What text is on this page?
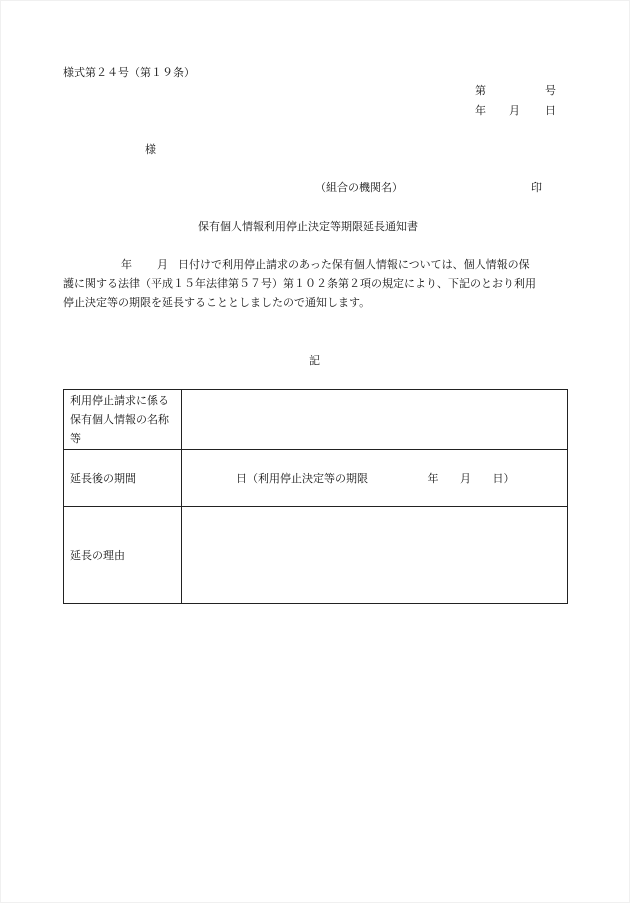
様式第２４号（第１９条）
第	号
年 月 日
様
（組合の機関名）	印
保有個人情報利用停止決定等期限延長通知書
年 月 日付けで利用停止請求のあった保有個人情報については、個人情報の保
護に関する法律（平成１５年法律第５７号）第１０２条第２項の規定により、下記のとおり利用
停止決定等の期限を延長することとしましたので通知します。
記
利用停止請求に係る
保有個人情報の名称
等	

延長後の期間	日（利用停止決定等の期限 年 月 日）
延長の理由	
